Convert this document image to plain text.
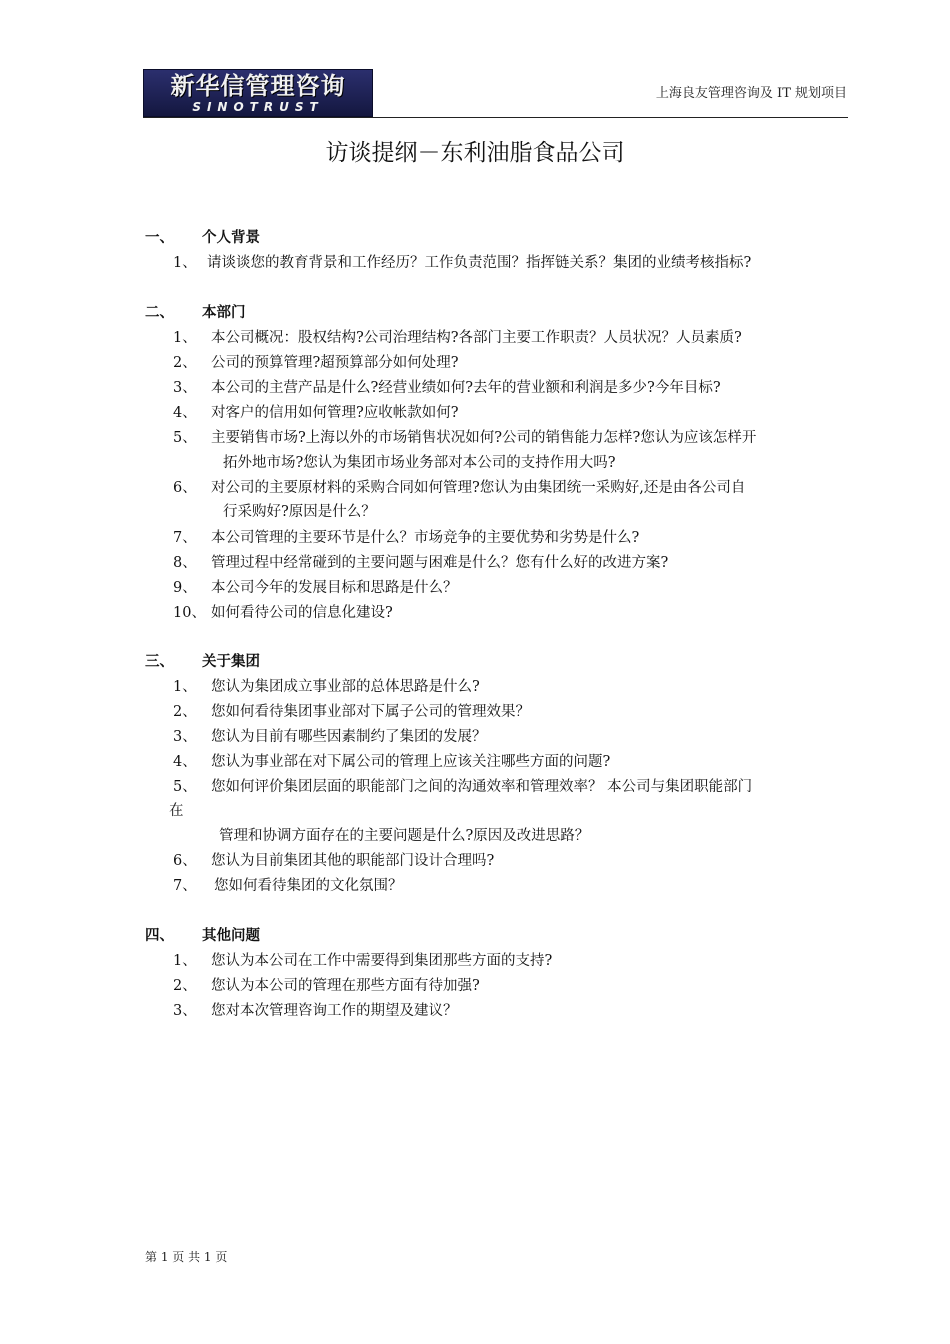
新华信管理咨询
SINOTRUST
上海良友管理咨询及 IT 规划项目
访谈提纲－东利油脂食品公司
一、 个人背景
1、 请谈谈您的教育背景和工作经历？工作负责范围？指挥链关系？集团的业绩考核指标?
二、 本部门
1、 本公司概况：股权结构?公司治理结构?各部门主要工作职责？人员状况？人员素质?
2、 公司的预算管理?超预算部分如何处理?
3、 本公司的主营产品是什么?经营业绩如何?去年的营业额和利润是多少?今年目标?
4、 对客户的信用如何管理?应收帐款如何?
5、 主要销售市场?上海以外的市场销售状况如何?公司的销售能力怎样?您认为应该怎样开
拓外地市场?您认为集团市场业务部对本公司的支持作用大吗?
6、 对公司的主要原材料的采购合同如何管理?您认为由集团统一采购好,还是由各公司自
行采购好?原因是什么？
7、 本公司管理的主要环节是什么？市场竞争的主要优势和劣势是什么?
8、 管理过程中经常碰到的主要问题与困难是什么？您有什么好的改进方案?
9、 本公司今年的发展目标和思路是什么？
10、 如何看待公司的信息化建设?
三、 关于集团
1、 您认为集团成立事业部的总体思路是什么?
2、 您如何看待集团事业部对下属子公司的管理效果？
3、 您认为目前有哪些因素制约了集团的发展？
4、 您认为事业部在对下属公司的管理上应该关注哪些方面的问题?
5、 您如何评价集团层面的职能部门之间的沟通效率和管理效率？ 本公司与集团职能部门
在
管理和协调方面存在的主要问题是什么?原因及改进思路？
6、 您认为目前集团其他的职能部门设计合理吗?
7、 您如何看待集团的文化氛围？
四、 其他问题
1、 您认为本公司在工作中需要得到集团那些方面的支持?
2、 您认为本公司的管理在那些方面有待加强?
3、 您对本次管理咨询工作的期望及建议？
第 1 页 共 1 页
